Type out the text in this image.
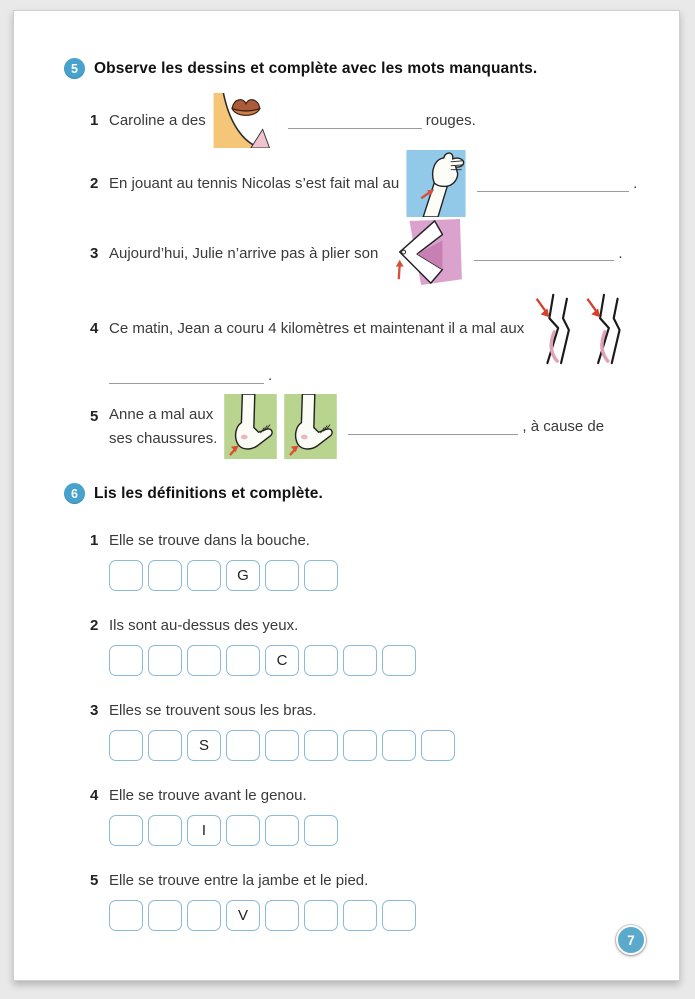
5	Observe les dessins et complète avec les mots manquants.
1 Caroline a des	rouges.
2 En jouant au tennis Nicolas s’est fait mal au	.
3 Aujourd’hui, Julie n’arrive pas à plier son	.
4 Ce matin, Jean a couru 4 kilomètres et maintenant il a mal aux
.
5 Anne a mal aux
ses chaussures.
, à cause de
6	Lis les définitions et complète.
1 Elle se trouve dans la bouche.
G
2 Ils sont au-dessus des yeux.
C
3 Elles se trouvent sous les bras.
S
4 Elle se trouve avant le genou.
I
5 Elle se trouve entre la jambe et le pied.
V
7
